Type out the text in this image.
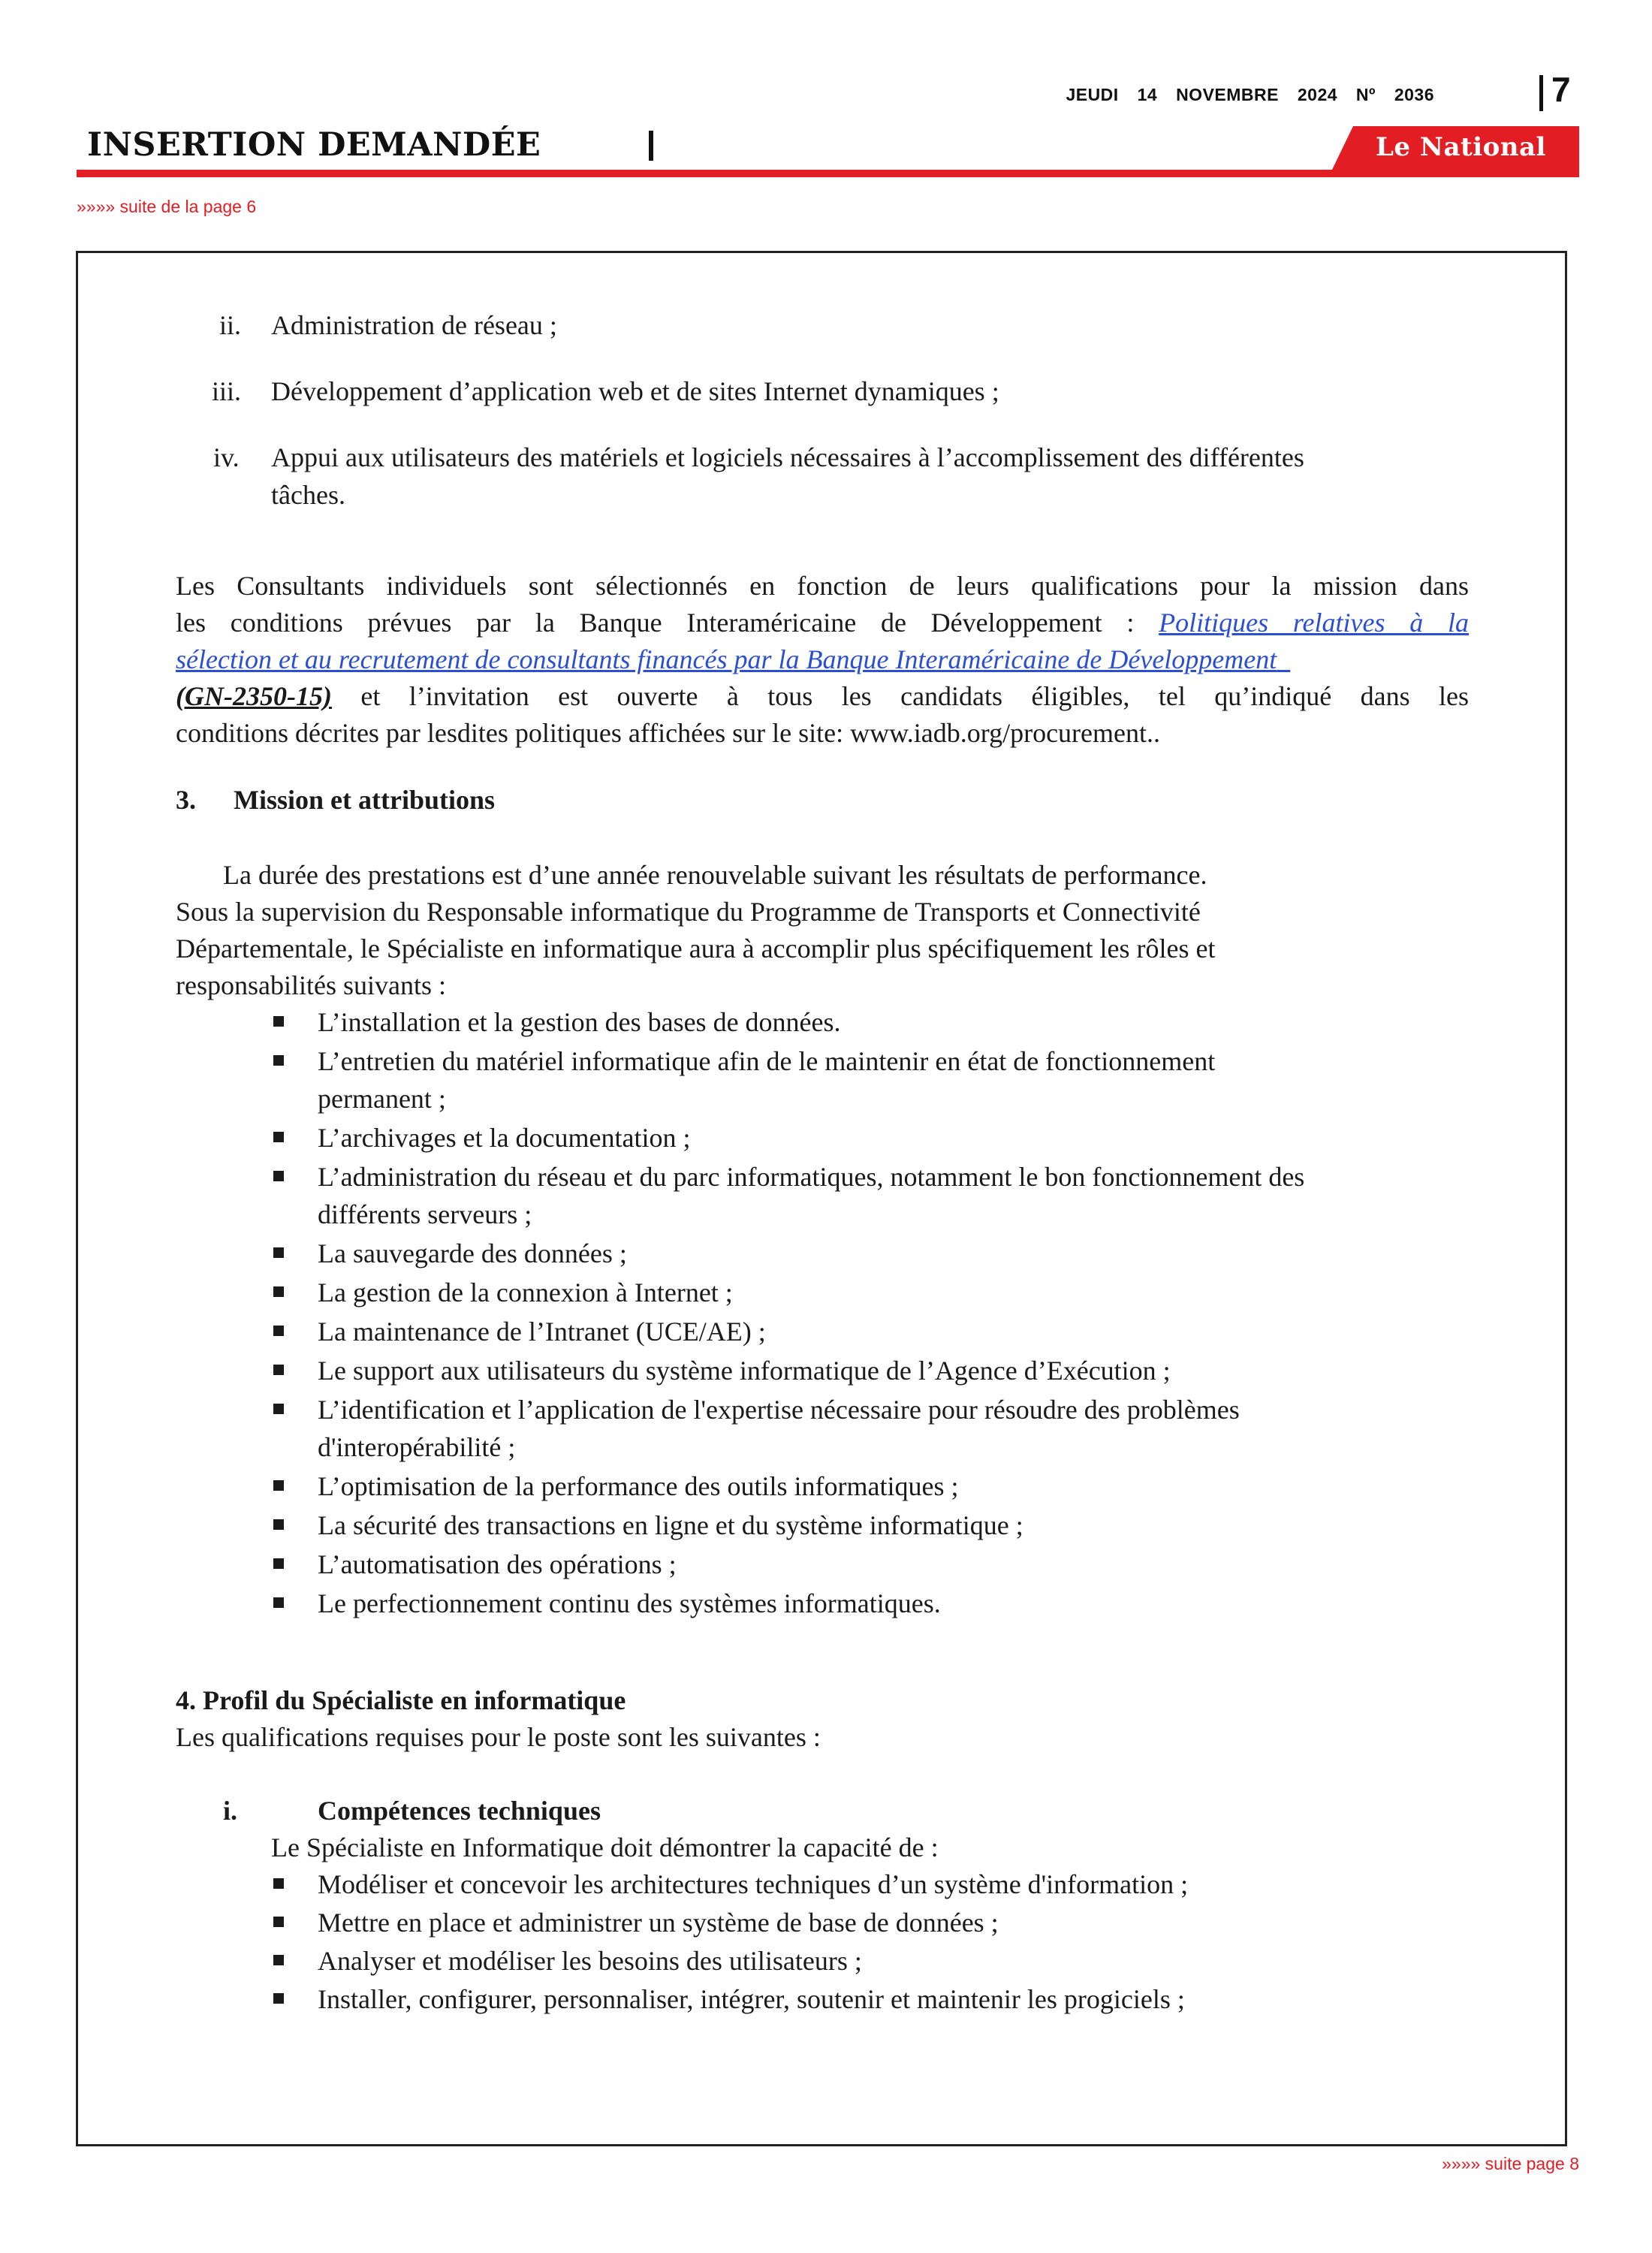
JEUDI 14 NOVEMBRE 2024 Nº 2036	7
INSERTION DEMANDÉE	Le National
»»»» suite de la page 6
ii. Administration de réseau ;
iii. Développement d’application web et de sites Internet dynamiques ;
iv. Appui aux utilisateurs des matériels et logiciels nécessaires à l’accomplissement des différentes
tâches.
Les Consultants individuels sont sélectionnés en fonction de leurs qualifications pour la mission dans
les conditions prévues par la Banque Interaméricaine de Développement : Politiques relatives à la
sélection et au recrutement de consultants financés par la Banque Interaméricaine de Développement
(GN-2350-15) et l’invitation est ouverte à tous les candidats éligibles, tel qu’indiqué dans les
conditions décrites par lesdites politiques affichées sur le site: www.iadb.org/procurement..
3. Mission et attributions
La durée des prestations est d’une année renouvelable suivant les résultats de performance.
Sous la supervision du Responsable informatique du Programme de Transports et Connectivité
Départementale, le Spécialiste en informatique aura à accomplir plus spécifiquement les rôles et
responsabilités suivants :
L’installation et la gestion des bases de données.
L’entretien du matériel informatique afin de le maintenir en état de fonctionnement
permanent ;
L’archivages et la documentation ;
L’administration du réseau et du parc informatiques, notamment le bon fonctionnement des
différents serveurs ;
La sauvegarde des données ;
La gestion de la connexion à Internet ;
La maintenance de l’Intranet (UCE/AE) ;
Le support aux utilisateurs du système informatique de l’Agence d’Exécution ;
L’identification et l’application de l'expertise nécessaire pour résoudre des problèmes
d'interopérabilité ;
L’optimisation de la performance des outils informatiques ;
La sécurité des transactions en ligne et du système informatique ;
L’automatisation des opérations ;
Le perfectionnement continu des systèmes informatiques.
4. Profil du Spécialiste en informatique
Les qualifications requises pour le poste sont les suivantes :
i.	Compétences techniques
Le Spécialiste en Informatique doit démontrer la capacité de :
Modéliser et concevoir les architectures techniques d’un système d'information ;
Mettre en place et administrer un système de base de données ;
Analyser et modéliser les besoins des utilisateurs ;
Installer, configurer, personnaliser, intégrer, soutenir et maintenir les progiciels ;
»»»» suite page 8
